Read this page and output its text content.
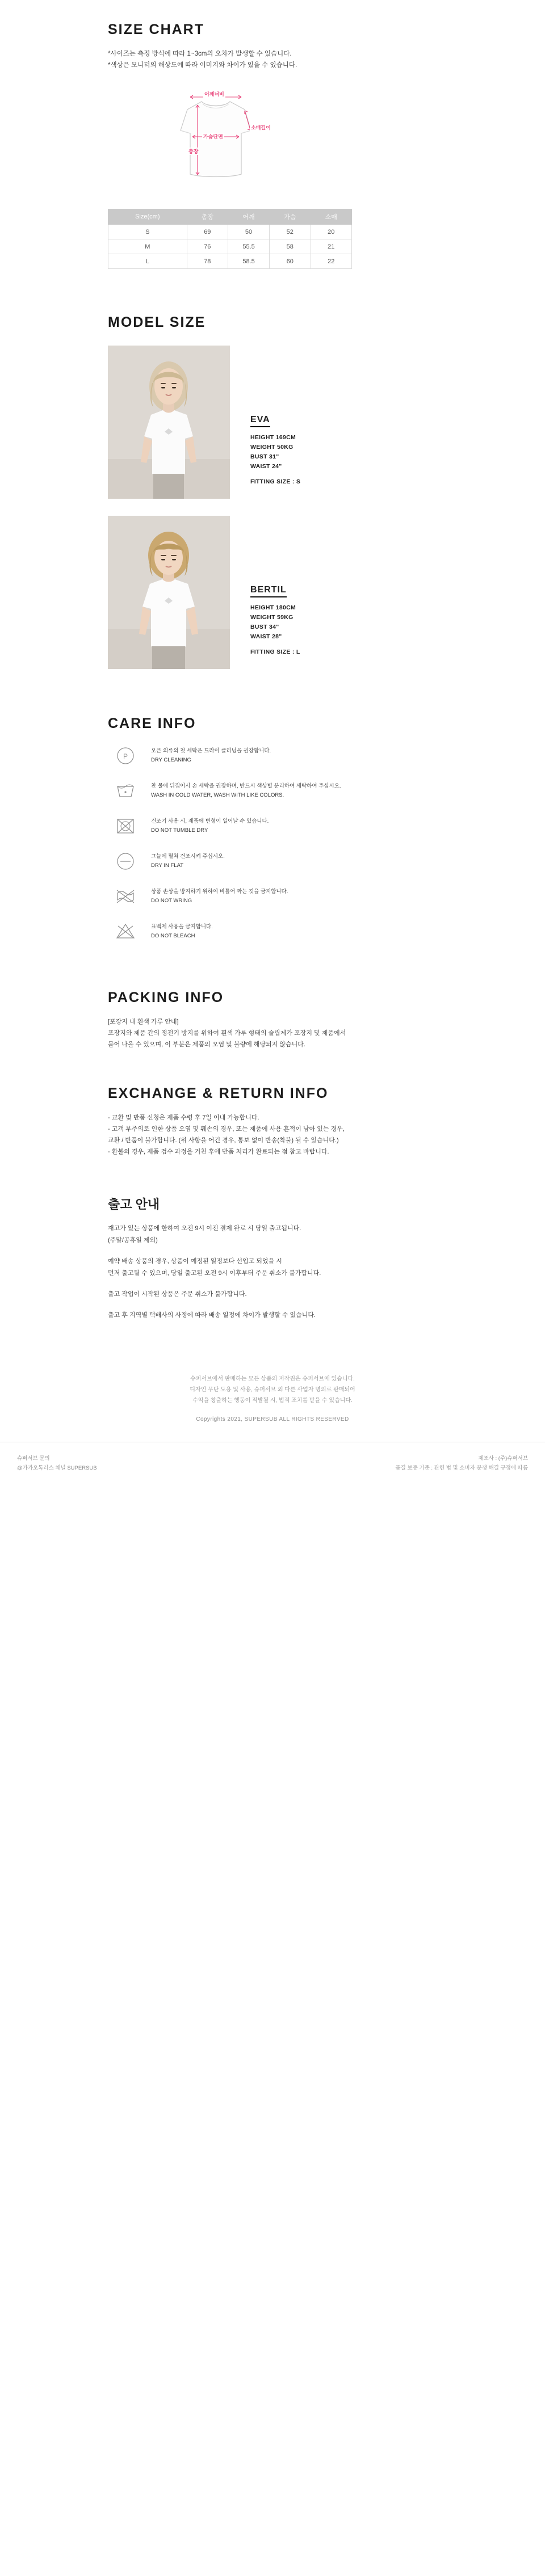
SIZE CHART
*사이즈는 측정 방식에 따라 1~3cm의 오차가 발생할 수 있습니다.
*색상은 모니터의 해상도에 따라 이미지와 차이가 있을 수 있습니다.
어깨너비
가슴단면
총장
소매길이
Size(cm)	총장	어깨	가슴	소매
S	69	50	52	20
M	76	55.5	58	21
L	78	58.5	60	22
MODEL SIZE
EVA
HEIGHT 169CM
WEIGHT 50KG
BUST 31"
WAIST 24"
FITTING SIZE : S
BERTIL
HEIGHT 180CM
WEIGHT 59KG
BUST 34"
WAIST 28"
FITTING SIZE : L
CARE INFO
P
오픈 의류의 첫 세탁은 드라이 클리닝을 권장합니다.
DRY CLEANING
찬 물에 뒤집어서 손 세탁을 권장하며, 반드시 색상별 분리하여 세탁하여 주십시오.
WASH IN COLD WATER, WASH WITH LIKE COLORS.
건조기 사용 시, 제품에 변형이 일어날 수 있습니다.
DO NOT TUMBLE DRY
그늘에 펼쳐 건조시켜 주십시오.
DRY IN FLAT
상품 손상을 방지하기 위하여 비틀어 짜는 것을 금지합니다.
DO NOT WRING
표백제 사용을 금지합니다.
DO NOT BLEACH
PACKING INFO
[포장지 내 흰색 가루 안내]
포장지와 제품 간의 정전기 방지를 위하여 흰색 가루 형태의 슬립제가 포장지 및 제품에서
묻어 나올 수 있으며, 이 부분은 제품의 오염 및 불량에 해당되지 않습니다.
EXCHANGE & RETURN INFO
- 교환 및 반품 신청은 제품 수령 후 7일 이내 가능합니다.
- 고객 부주의로 인한 상품 오염 및 훼손의 경우, 또는 제품에 사용 흔적이 남아 있는 경우,
교환 / 반품이 불가합니다. (위 사항을 어긴 경우, 통보 없이 반송(착불) 될 수 있습니다.)
- 환불의 경우, 제품 검수 과정을 거친 후에 반품 처리가 완료되는 점 참고 바랍니다.
출고 안내
재고가 있는 상품에 한하여 오전 9시 이전 결제 완료 시 당일 출고됩니다.
(주말/공휴일 제외)
예약 배송 상품의 경우, 상품이 예정된 일정보다 선입고 되었을 시
먼저 출고될 수 있으며, 당일 출고된 오전 9시 이후부터 주문 취소가 불가합니다.
출고 작업이 시작된 상품은 주문 취소가 불가합니다.
출고 후 지역별 택배사의 사정에 따라 배송 일정에 차이가 발생할 수 있습니다.
슈퍼서브에서 판매하는 모든 상품의 저작권은 슈퍼서브에 있습니다.
디자인 무단 도용 및 사용, 슈퍼서브 외 다른 사업자 명의로 판매되어
수익을 창출하는 행동이 적발될 시, 법적 조치를 받을 수 있습니다.
Copyrights 2021, SUPERSUB ALL RIGHTS RESERVED
슈퍼서브 문의
@카카오톡러스 채널 SUPERSUB
제조사 : (주)슈퍼서브
품질 보증 기준 : 관련 법 및 소비자 분쟁 해결 규정에 따름
